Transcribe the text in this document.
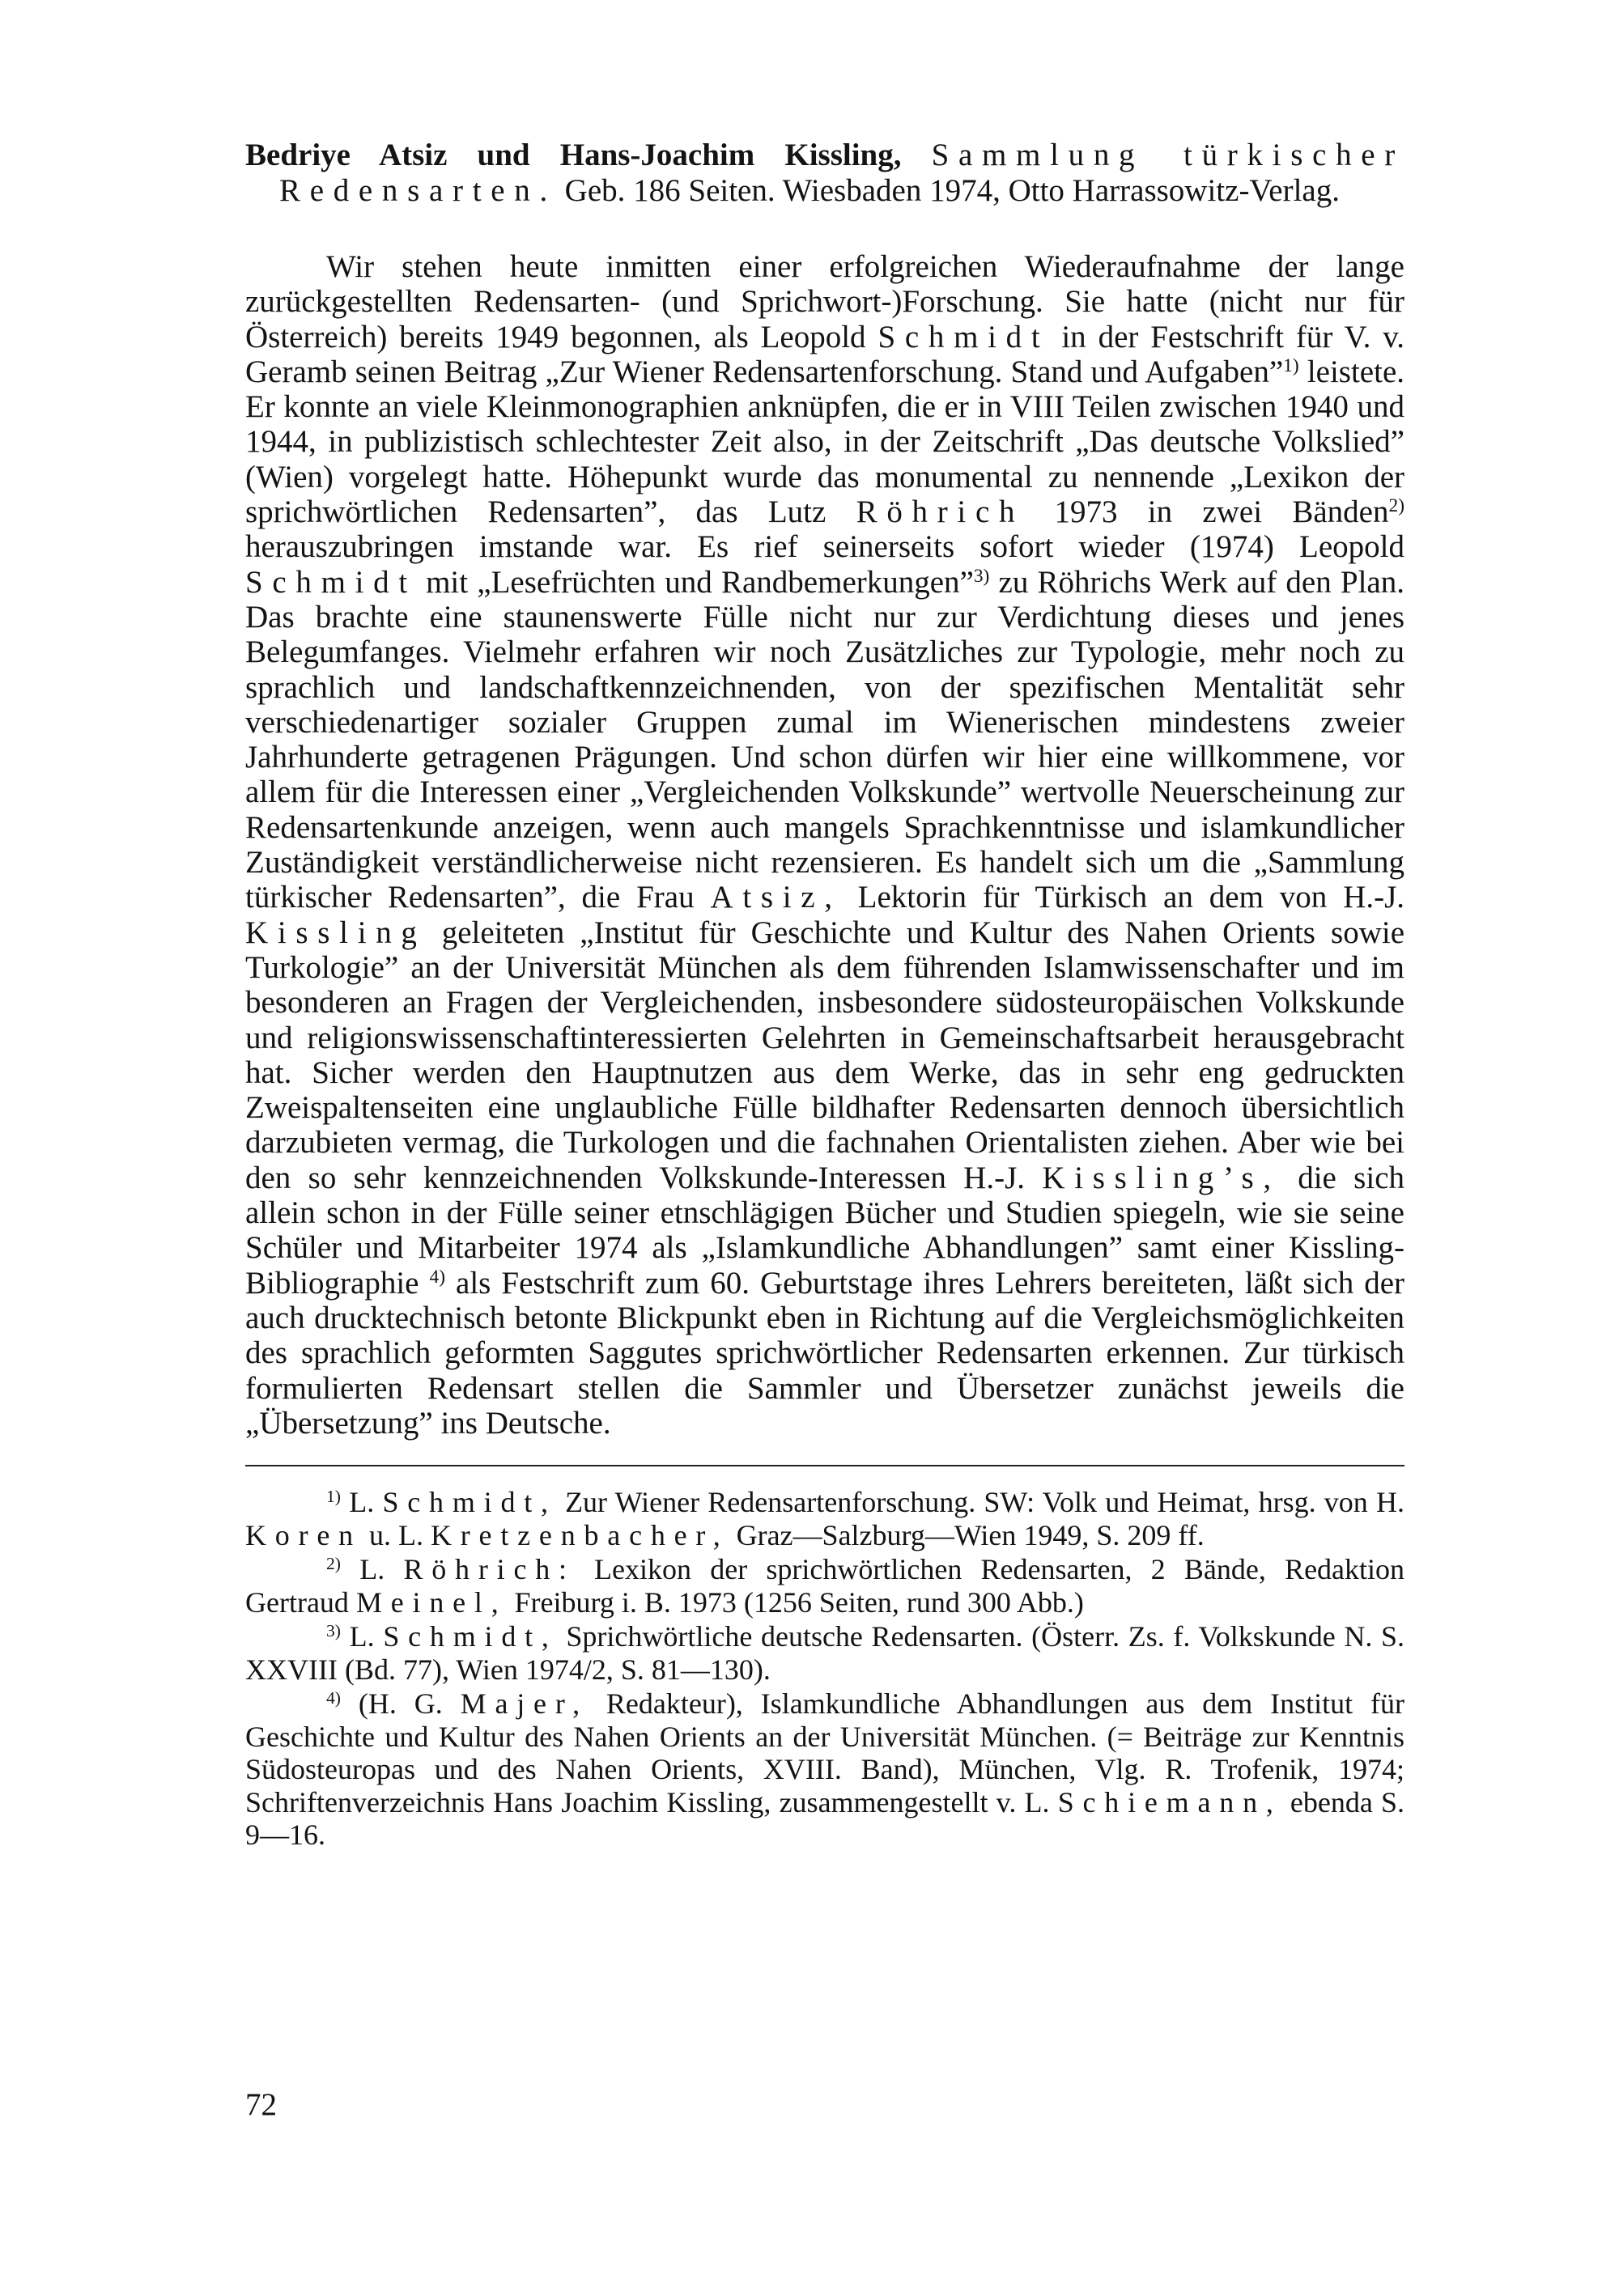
Bedriye Atsiz und Hans-Joachim Kissling, Sammlung türkischer Redensarten. Geb. 186 Seiten. Wiesbaden 1974, Otto Harrassowitz-Verlag.

Wir stehen heute inmitten einer erfolgreichen Wiederaufnahme der lange zurückgestellten Redensarten- (und Sprichwort-)Forschung. Sie hatte (nicht nur für Österreich) bereits 1949 begonnen, als Leopold Schmidt in der Festschrift für V. v. Geramb seinen Beitrag „Zur Wiener Redensartenforschung. Stand und Aufgaben”$^{1)}$ leistete. Er konnte an viele Kleinmonographien anknüpfen, die er in VIII Teilen zwischen 1940 und 1944, in publizistisch schlechtester Zeit also, in der Zeitschrift „Das deutsche Volkslied” (Wien) vorgelegt hatte. Höhepunkt wurde das monumental zu nennende „Lexikon der sprichwörtlichen Redensarten”, das Lutz Röhrich 1973 in zwei Bänden$^{2)}$ herauszubringen imstande war. Es rief seinerseits sofort wieder (1974) Leopold Schmidt mit „Lesefrüchten und Randbemerkungen”$^{3)}$ zu Röhrichs Werk auf den Plan. Das brachte eine staunenswerte Fülle nicht nur zur Verdichtung dieses und jenes Belegumfanges. Vielmehr erfahren wir noch Zusätzliches zur Typologie, mehr noch zu sprachlich und landschaftkennzeichnenden, von der spezifischen Mentalität sehr verschiedenartiger sozialer Gruppen zumal im Wienerischen mindestens zweier Jahrhunderte getragenen Prägungen. Und schon dürfen wir hier eine willkommene, vor allem für die Interessen einer „Vergleichenden Volkskunde” wertvolle Neuerscheinung zur Redensartenkunde anzeigen, wenn auch mangels Sprachkenntnisse und islamkundlicher Zuständigkeit verständlicherweise nicht rezensieren. Es handelt sich um die „Sammlung türkischer Redensarten”, die Frau Atsiz, Lektorin für Türkisch an dem von H.-J. Kissling geleiteten „Institut für Geschichte und Kultur des Nahen Orients sowie Turkologie” an der Universität München als dem führenden Islamwissenschafter und im besonderen an Fragen der Vergleichenden, insbesondere südosteuropäischen Volkskunde und religionswissenschaftinteressierten Gelehrten in Gemeinschaftsarbeit herausgebracht hat. Sicher werden den Hauptnutzen aus dem Werke, das in sehr eng gedruckten Zweispaltenseiten eine unglaubliche Fülle bildhafter Redensarten dennoch übersichtlich darzubieten vermag, die Turkologen und die fachnahen Orientalisten ziehen. Aber wie bei den so sehr kennzeichnenden Volkskunde-Interessen H.-J. Kissling’s, die sich allein schon in der Fülle seiner etnschlägigen Bücher und Studien spiegeln, wie sie seine Schüler und Mitarbeiter 1974 als „Islamkundliche Abhandlungen” samt einer Kissling-Bibliographie $^{4)}$ als Festschrift zum 60. Geburtstage ihres Lehrers bereiteten, läßt sich der auch drucktechnisch betonte Blickpunkt eben in Richtung auf die Vergleichsmöglichkeiten des sprachlich geformten Saggutes sprichwörtlicher Redensarten erkennen. Zur türkisch formulierten Redensart stellen die Sammler und Übersetzer zunächst jeweils die „Übersetzung” ins Deutsche.

$^{1)}$ L. Schmidt, Zur Wiener Redensartenforschung. SW: Volk und Heimat, hrsg. von H. Koren u. L. Kretzenbacher, Graz—Salzburg—Wien 1949, S. 209 ff.

$^{2)}$ L. Röhrich: Lexikon der sprichwörtlichen Redensarten, 2 Bände, Redaktion Gertraud Meinel, Freiburg i. B. 1973 (1256 Seiten, rund 300 Abb.)

$^{3)}$ L. Schmidt, Sprichwörtliche deutsche Redensarten. (Österr. Zs. f. Volkskunde N. S. XXVIII (Bd. 77), Wien 1974/2, S. 81—130).

$^{4)}$ (H. G. Majer, Redakteur), Islamkundliche Abhandlungen aus dem Institut für Geschichte und Kultur des Nahen Orients an der Universität München. (= Beiträge zur Kenntnis Südosteuropas und des Nahen Orients, XVIII. Band), München, Vlg. R. Trofenik, 1974; Schriftenverzeichnis Hans Joachim Kissling, zusammengestellt v. L. Schiemann, ebenda S. 9—16.

72
